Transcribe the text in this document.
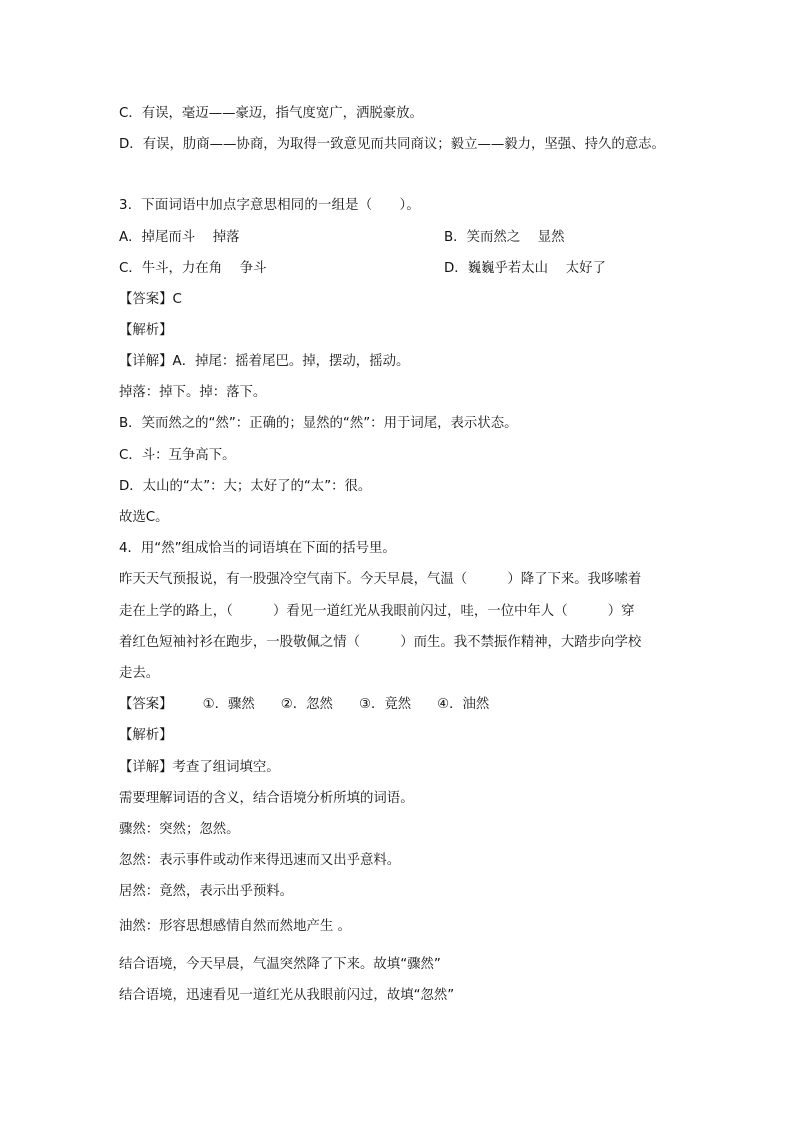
C．有误，毫迈——豪迈，指气度宽广，洒脱豪放。
D．有误，肋商——协商，为取得一致意见而共同商议；毅立——毅力，坚强、持久的意志。
3．下面词语中加点字意思相同的一组是（　　）。
A．掉尾而斗　 掉落	B．笑而然之　 显然
C．牛斗，力在角　 争斗	D．巍巍乎若太山　 太好了
【答案】C
【解析】
【详解】A．掉尾：摇着尾巴。掉，摆动，摇动。
掉落：掉下。掉：落下。
B．笑而然之的“然”：正确的；显然的“然”：用于词尾，表示状态。
C．斗：互争高下。
D．太山的“太”：大；太好了的“太”：很。
故选C。
4．用“然”组成恰当的词语填在下面的括号里。
昨天天气预报说，有一股强冷空气南下。今天早晨，气温（　　　）降了下来。我哆嗦着
走在上学的路上，（　　　）看见一道红光从我眼前闪过，哇，一位中年人（　　　）穿
着红色短袖衬衫在跑步，一股敬佩之情（　　　）而生。我不禁振作精神，大踏步向学校
走去。
【答案】 ①．骤然 ②．忽然 ③．竟然 ④．油然
【解析】
【详解】考查了组词填空。
需要理解词语的含义，结合语境分析所填的词语。
骤然：突然；忽然。
忽然：表示事件或动作来得迅速而又出乎意料。
居然：竟然，表示出乎预料。
油然：形容思想感情自然而然地产生 。
结合语境，今天早晨，气温突然降了下来。故填“骤然”
结合语境，迅速看见一道红光从我眼前闪过，故填“忽然”
